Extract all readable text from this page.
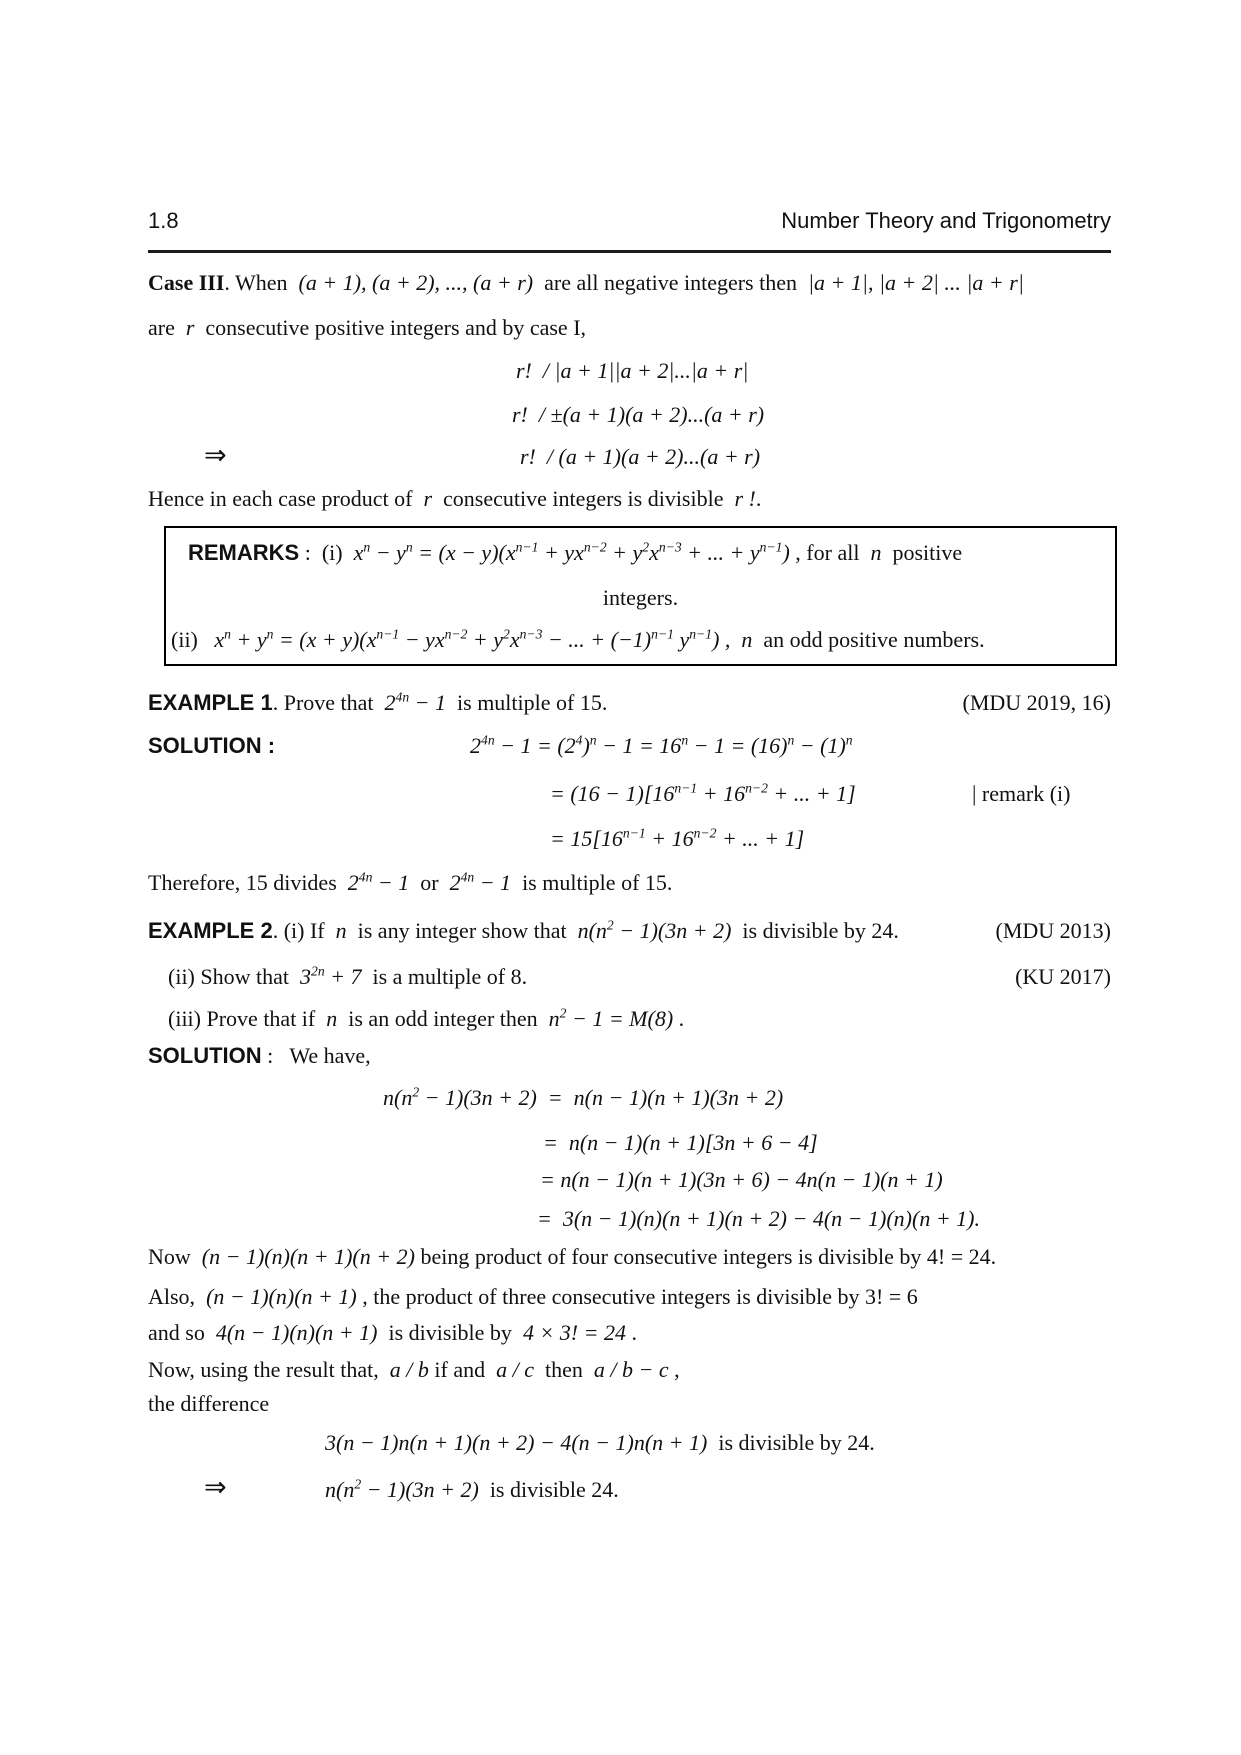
1.8	Number Theory and Trigonometry
Case III. When  (a + 1), (a + 2), ..., (a + r)  are all negative integers then  |a + 1|, |a + 2| ... |a + r|
are  r  consecutive positive integers and by case I,
r!  / |a + 1||a + 2|...|a + r|
r!  / ±(a + 1)(a + 2)...(a + r)
⇒	r!  / (a + 1)(a + 2)...(a + r)
Hence in each case product of  r  consecutive integers is divisible  r !.
REMARKS :  (i)  $x^n - y^n = (x - y)(x^{n-1} + yx^{n-2} + y^2x^{n-3}$ + ... + $y^{n-1}$) , for all  n  positive
integers.
(ii)   $x^n + y^n = (x + y)(x^{n-1} - yx^{n-2} + y^2x^{n-3}$ − ... + $(-1)^{n-1}$ $y^{n-1}$) ,  n  an odd positive numbers.
EXAMPLE 1. Prove that  $2^{4n} - 1$  is multiple of 15.	(MDU 2019, 16)
SOLUTION :	$2^{4n} - 1 = (2^4)^n - 1 = 16^n - 1 = (16)^n - (1)^n$
= $(16 - 1)[16^{n-1} + 16^{n-2}$ + ... + 1]	| remark (i)
= $15[16^{n-1} + 16^{n-2}$ + ... + 1]
Therefore, 15 divides  $2^{4n} - 1$  or  $2^{4n} - 1$  is multiple of 15.
EXAMPLE 2. (i) If  n  is any integer show that  $n(n^2 - 1)(3n + 2)$  is divisible by 24.	(MDU 2013)
(ii) Show that  $3^{2n} + 7$  is a multiple of 8.	(KU 2017)
(iii) Prove that if  n  is an odd integer then  $n^2 - 1 = M(8)$ .
SOLUTION :   We have,
$n(n^2 - 1)(3n + 2) = n(n - 1)(n + 1)(3n + 2)$
=  n(n − 1)(n + 1)[3n + 6 − 4]
= n(n − 1)(n + 1)(3n + 6) − 4n(n − 1)(n + 1)
=  3(n − 1)(n)(n + 1)(n + 2) − 4(n − 1)(n)(n + 1).
Now  (n − 1)(n)(n + 1)(n + 2) being product of four consecutive integers is divisible by 4! = 24.
Also,  (n − 1)(n)(n + 1) , the product of three consecutive integers is divisible by 3! = 6
and so  4(n − 1)(n)(n + 1)  is divisible by  4 × 3! = 24 .
Now, using the result that,  a / b if and  a / c  then  a / b − c ,
the difference
3(n − 1)n(n + 1)(n + 2) − 4(n − 1)n(n + 1)  is divisible by 24.
⇒	$n(n^2 - 1)(3n + 2)$  is divisible 24.
